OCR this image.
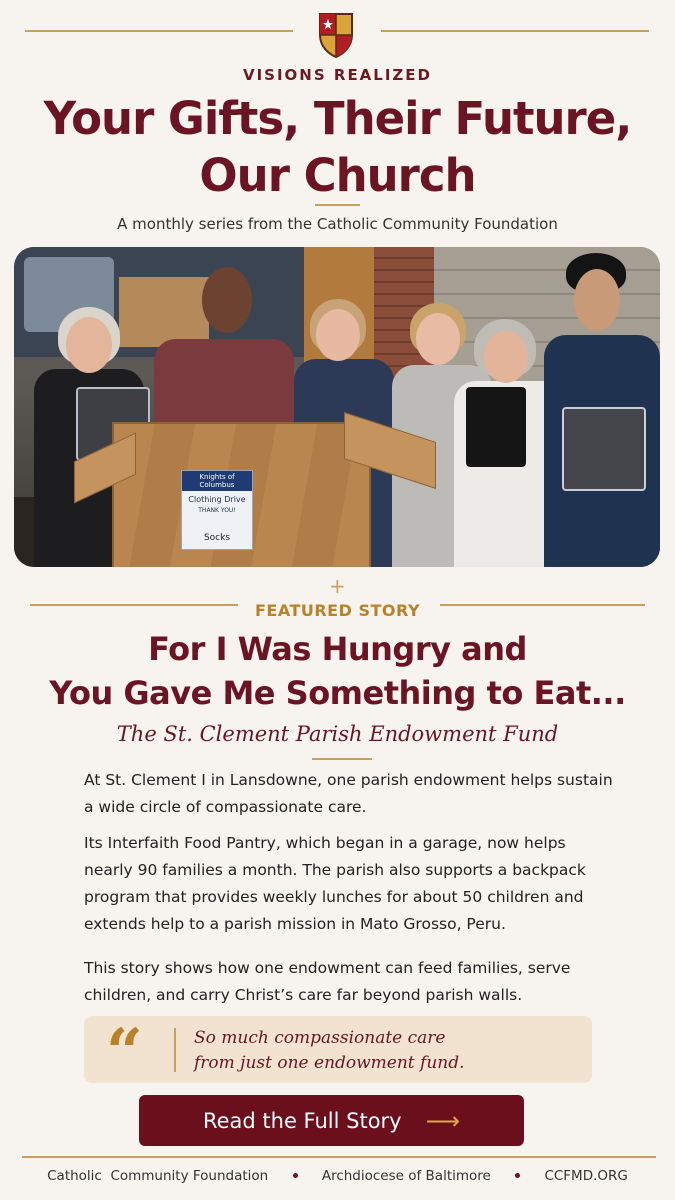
VISIONS REALIZED
Your Gifts, Their Future,
Our Church
A monthly series from the Catholic Community Foundation
Knights of Columbus
Clothing Drive
THANK YOU!
Socks
+
FEATURED STORY
For I Was Hungry and
You Gave Me Something to Eat...
The St. Clement Parish Endowment Fund
At St. Clement I in Lansdowne, one parish endowment helps sustain a wide circle of compassionate care.
Its Interfaith Food Pantry, which began in a garage, now helps nearly 90 families a month. The parish also supports a backpack program that provides weekly lunches for about 50 children and extends help to a parish mission in Mato Grosso, Peru.
This story shows how one endowment can feed families, serve children, and carry Christ’s care far beyond parish walls.
“	So much compassionate care
from just one endowment fund.
Read the Full Story ⟶
Catholic  Community Foundation	Archdiocese of Baltimore	CCFMD.ORG
